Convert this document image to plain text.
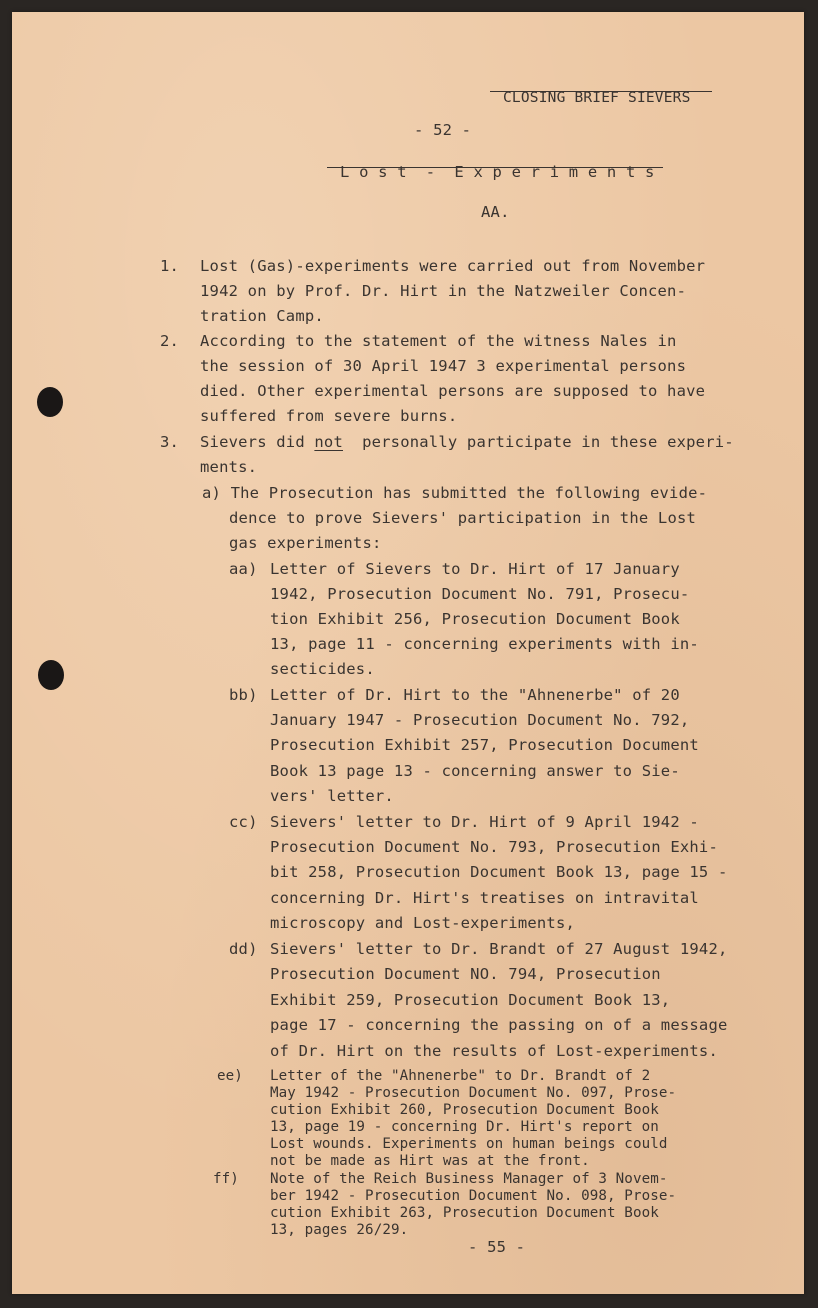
CLOSING BRIEF SIEVERS
- 52 -
L o s t  -  E x p e r i m e n t s
AA.
1. Lost (Gas)-experiments were carried out from November
1942 on by Prof. Dr. Hirt in the Natzweiler Concen-
tration Camp.
2. According to the statement of the witness Nales in
the session of 30 April 1947 3 experimental persons
died. Other experimental persons are supposed to have
suffered from severe burns.
3. Sievers did not  personally participate in these experi-
ments.
a) The Prosecution has submitted the following evide-
dence to prove Sievers' participation in the Lost
gas experiments:
aa) Letter of Sievers to Dr. Hirt of 17 January
1942, Prosecution Document No. 791, Prosecu-
tion Exhibit 256, Prosecution Document Book
13, page 11 - concerning experiments with in-
secticides.
bb) Letter of Dr. Hirt to the "Ahnenerbe" of 20
January 1947 - Prosecution Document No. 792,
Prosecution Exhibit 257, Prosecution Document
Book 13 page 13 - concerning answer to Sie-
vers' letter.
cc) Sievers' letter to Dr. Hirt of 9 April 1942 -
Prosecution Document No. 793, Prosecution Exhi-
bit 258, Prosecution Document Book 13, page 15 -
concerning Dr. Hirt's treatises on intravital
microscopy and Lost-experiments,
dd) Sievers' letter to Dr. Brandt of 27 August 1942,
Prosecution Document NO. 794, Prosecution
Exhibit 259, Prosecution Document Book 13,
page 17 - concerning the passing on of a message
of Dr. Hirt on the results of Lost-experiments.
ee) Letter of the "Ahnenerbe" to Dr. Brandt of 2
May 1942 - Prosecution Document No. 097, Prose-
cution Exhibit 260, Prosecution Document Book
13, page 19 - concerning Dr. Hirt's report on
Lost wounds. Experiments on human beings could
not be made as Hirt was at the front.
ff) Note of the Reich Business Manager of 3 Novem-
ber 1942 - Prosecution Document No. 098, Prose-
cution Exhibit 263, Prosecution Document Book
13, pages 26/29.
- 55 -
